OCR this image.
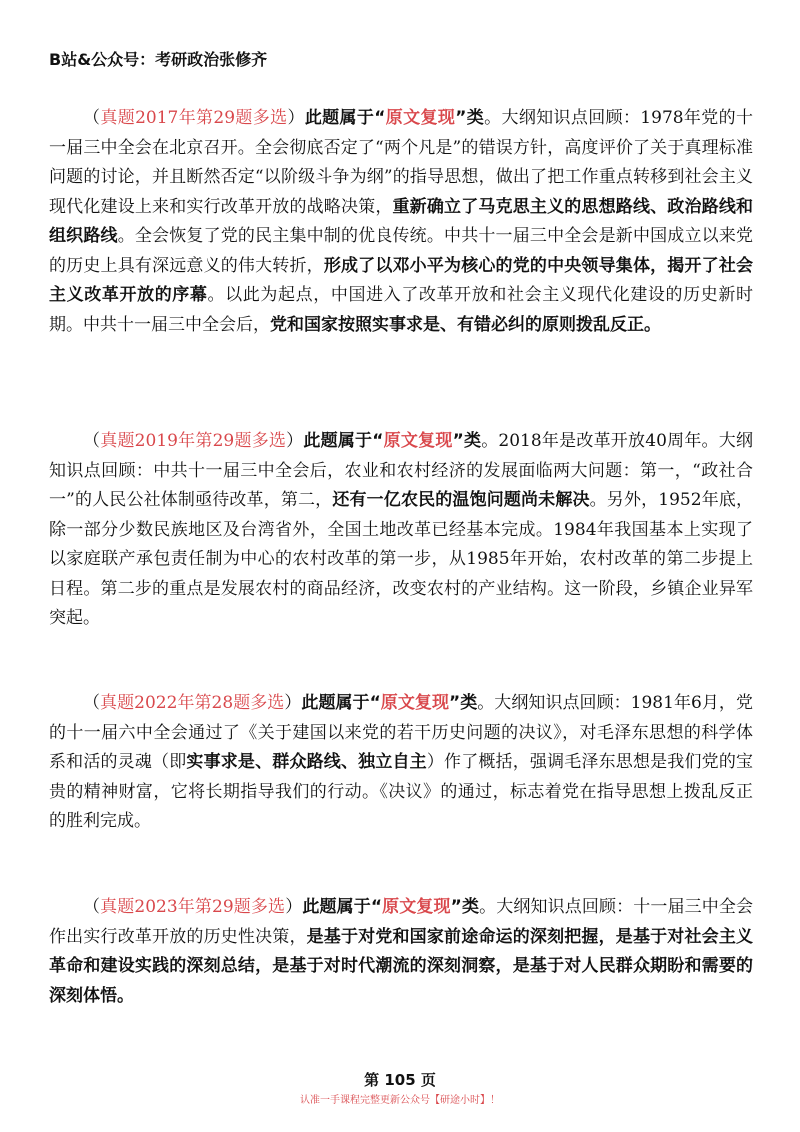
B站&公众号：考研政治张修齐

（真题2017年第29题多选）此题属于“原文复现”类。大纲知识点回顾：1978年党的十一届三中全会在北京召开。全会彻底否定了“两个凡是”的错误方针，高度评价了关于真理标准问题的讨论，并且断然否定“以阶级斗争为纲”的指导思想，做出了把工作重点转移到社会主义现代化建设上来和实行改革开放的战略决策，重新确立了马克思主义的思想路线、政治路线和组织路线。全会恢复了党的民主集中制的优良传统。中共十一届三中全会是新中国成立以来党的历史上具有深远意义的伟大转折，形成了以邓小平为核心的党的中央领导集体，揭开了社会主义改革开放的序幕。以此为起点，中国进入了改革开放和社会主义现代化建设的历史新时期。中共十一届三中全会后，党和国家按照实事求是、有错必纠的原则拨乱反正。

（真题2019年第29题多选）此题属于“原文复现”类。2018年是改革开放40周年。大纲知识点回顾：中共十一届三中全会后，农业和农村经济的发展面临两大问题：第一，“政社合一”的人民公社体制亟待改革，第二，还有一亿农民的温饱问题尚未解决。另外，1952年底，除一部分少数民族地区及台湾省外，全国土地改革已经基本完成。1984年我国基本上实现了以家庭联产承包责任制为中心的农村改革的第一步，从1985年开始，农村改革的第二步提上日程。第二步的重点是发展农村的商品经济，改变农村的产业结构。这一阶段，乡镇企业异军突起。

（真题2022年第28题多选）此题属于“原文复现”类。大纲知识点回顾：1981年6月，党的十一届六中全会通过了《关于建国以来党的若干历史问题的决议》，对毛泽东思想的科学体系和活的灵魂（即实事求是、群众路线、独立自主）作了概括，强调毛泽东思想是我们党的宝贵的精神财富，它将长期指导我们的行动。《决议》的通过，标志着党在指导思想上拨乱反正的胜利完成。

（真题2023年第29题多选）此题属于“原文复现”类。大纲知识点回顾：十一届三中全会作出实行改革开放的历史性决策，是基于对党和国家前途命运的深刻把握，是基于对社会主义革命和建设实践的深刻总结，是基于对时代潮流的深刻洞察，是基于对人民群众期盼和需要的深刻体悟。

第 105 页
认准一手课程完整更新公众号【研途小时】！
